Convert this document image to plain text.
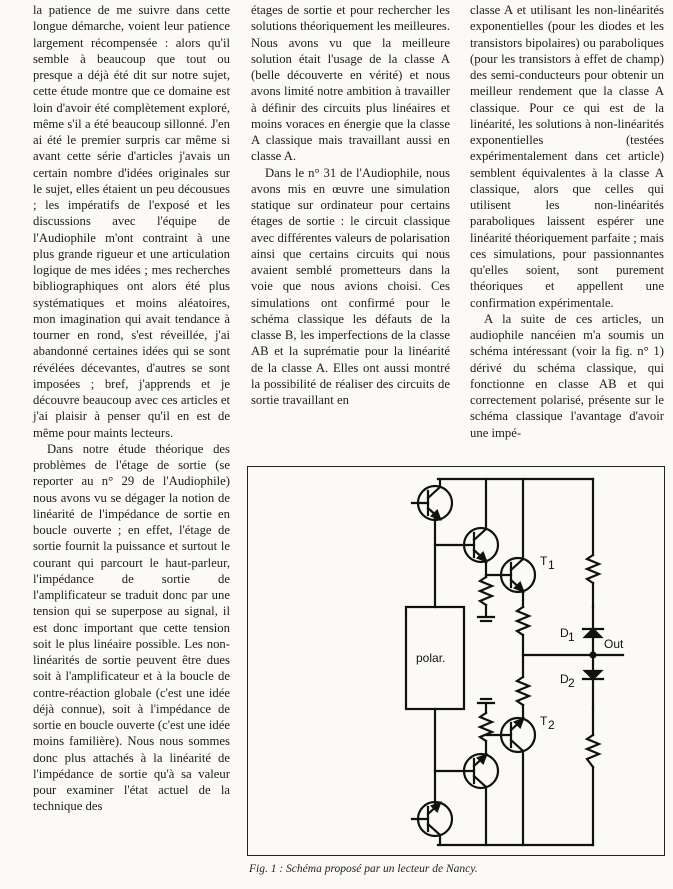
la patience de me suivre dans cette longue démarche, voient leur patience largement récompensée : alors qu'il semble à beaucoup que tout ou presque a déjà été dit sur notre sujet, cette étude montre que ce domaine est loin d'avoir été complètement exploré, même s'il a été beaucoup sillonné. J'en ai été le premier surpris car même si avant cette série d'articles j'avais un certain nombre d'idées originales sur le sujet, elles étaient un peu décousues ; les impératifs de l'exposé et les discussions avec l'équipe de l'Audiophile m'ont contraint à une plus grande rigueur et une articulation logique de mes idées ; mes recherches bibliographiques ont alors été plus systématiques et moins aléatoires, mon imagination qui avait tendance à tourner en rond, s'est réveillée, j'ai abandonné certaines idées qui se sont révélées décevantes, d'autres se sont imposées ; bref, j'apprends et je découvre beaucoup avec ces articles et j'ai plaisir à penser qu'il en est de même pour maints lecteurs.

Dans notre étude théorique des problèmes de l'étage de sortie (se reporter au n° 29 de l'Audiophile) nous avons vu se dégager la notion de linéarité de l'impédance de sortie en boucle ouverte ; en effet, l'étage de sortie fournit la puissance et surtout le courant qui parcourt le haut-parleur, l'impédance de sortie de l'amplificateur se traduit donc par une tension qui se superpose au signal, il est donc important que cette tension soit le plus linéaire possible. Les non-linéarités de sortie peuvent être dues soit à l'amplificateur et à la boucle de contre-réaction globale (c'est une idée déjà connue), soit à l'impédance de sortie en boucle ouverte (c'est une idée moins familière). Nous nous sommes donc plus attachés à la linéarité de l'impédance de sortie qu'à sa valeur pour examiner l'état actuel de la technique des

étages de sortie et pour rechercher les solutions théoriquement les meilleures. Nous avons vu que la meilleure solution était l'usage de la classe A (belle découverte en vérité) et nous avons limité notre ambition à travailler à définir des circuits plus linéaires et moins voraces en énergie que la classe A classique mais travaillant aussi en classe A.

Dans le n° 31 de l'Audiophile, nous avons mis en œuvre une simulation statique sur ordinateur pour certains étages de sortie : le circuit classique avec différentes valeurs de polarisation ainsi que certains circuits qui nous avaient semblé prometteurs dans la voie que nous avions choisi. Ces simulations ont confirmé pour le schéma classique les défauts de la classe B, les imperfections de la classe AB et la suprématie pour la linéarité de la classe A. Elles ont aussi montré la possibilité de réaliser des circuits de sortie travaillant en

classe A et utilisant les non-linéarités exponentielles (pour les diodes et les transistors bipolaires) ou paraboliques (pour les transistors à effet de champ) des semi-conducteurs pour obtenir un meilleur rendement que la classe A classique. Pour ce qui est de la linéarité, les solutions à non-linéarités exponentielles (testées expérimentalement dans cet article) semblent équivalentes à la classe A classique, alors que celles qui utilisent les non-linéarités paraboliques laissent espérer une linéarité théoriquement parfaite ; mais ces simulations, pour passionnantes qu'elles soient, sont purement théoriques et appellent une confirmation expérimentale.

A la suite de ces articles, un audiophile nancéien m'a soumis un schéma intéressant (voir la fig. n° 1) dérivé du schéma classique, qui fonctionne en classe AB et qui correctement polarisé, présente sur le schéma classique l'avantage d'avoir une impé-

T 1
D 1 Out
D 2
T 2
polar.
Fig. 1 : Schéma proposé par un lecteur de Nancy.
